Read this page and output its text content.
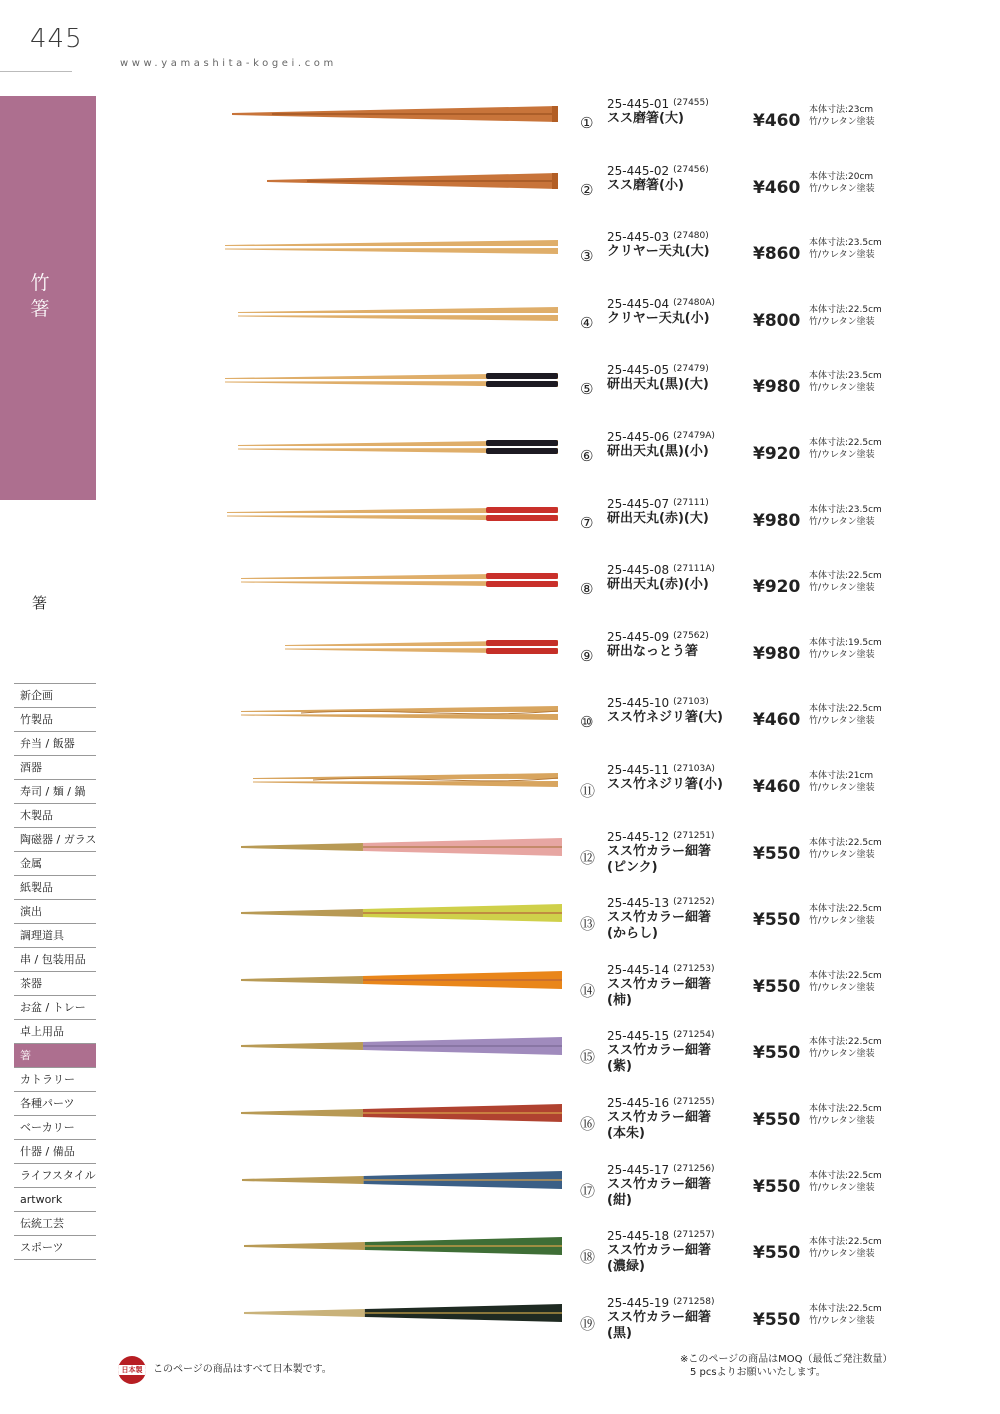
445
www.yamashita-kogei.com
竹箸
箸
新企画
竹製品
弁当 / 飯器
酒器
寿司 / 麺 / 鍋
木製品
陶磁器 / ガラス
金属
紙製品
演出
調理道具
串 / 包装用品
茶器
お盆 / トレー
卓上用品
箸
カトラリー
各種パーツ
ベーカリー
什器 / 備品
ライフスタイル
artwork
伝統工芸
スポーツ
①
25-445-01 $^{(27455)}$
スス磨箸(大)	¥460
本体寸法:23cm
竹/ウレタン塗装
②
25-445-02 $^{(27456)}$
スス磨箸(小)	¥460
本体寸法:20cm
竹/ウレタン塗装
③
25-445-03 $^{(27480)}$
クリヤー天丸(大)	¥860
本体寸法:23.5cm
竹/ウレタン塗装
④
25-445-04 $^{(27480A)}$
クリヤー天丸(小)	¥800
本体寸法:22.5cm
竹/ウレタン塗装
⑤
25-445-05 $^{(27479)}$
研出天丸(黒)(大)	¥980
本体寸法:23.5cm
竹/ウレタン塗装
⑥
25-445-06 $^{(27479A)}$
研出天丸(黒)(小)	¥920
本体寸法:22.5cm
竹/ウレタン塗装
⑦
25-445-07 $^{(27111)}$
研出天丸(赤)(大)	¥980
本体寸法:23.5cm
竹/ウレタン塗装
⑧
25-445-08 $^{(27111A)}$
研出天丸(赤)(小)	¥920
本体寸法:22.5cm
竹/ウレタン塗装
⑨
25-445-09 $^{(27562)}$
研出なっとう箸	¥980
本体寸法:19.5cm
竹/ウレタン塗装
⑩
25-445-10 $^{(27103)}$
スス竹ネジリ箸(大) ¥460
本体寸法:22.5cm
竹/ウレタン塗装
⑪
25-445-11 $^{(27103A)}$
スス竹ネジリ箸(小) ¥460
本体寸法:21cm
竹/ウレタン塗装
⑫
25-445-12 $^{(271251)}$
スス竹カラー細箸
(ピンク)
¥550
本体寸法:22.5cm
竹/ウレタン塗装
⑬
25-445-13 $^{(271252)}$
スス竹カラー細箸
(からし)
¥550
本体寸法:22.5cm
竹/ウレタン塗装
⑭
25-445-14 $^{(271253)}$
スス竹カラー細箸
(柿)
¥550
本体寸法:22.5cm
竹/ウレタン塗装
⑮
25-445-15 $^{(271254)}$
スス竹カラー細箸
(紫)
¥550
本体寸法:22.5cm
竹/ウレタン塗装
⑯
25-445-16 $^{(271255)}$
スス竹カラー細箸
(本朱)
¥550
本体寸法:22.5cm
竹/ウレタン塗装
⑰
25-445-17 $^{(271256)}$
スス竹カラー細箸
(紺)
¥550
本体寸法:22.5cm
竹/ウレタン塗装
⑱
25-445-18 $^{(271257)}$
スス竹カラー細箸
(濃緑)
¥550
本体寸法:22.5cm
竹/ウレタン塗装
⑲
25-445-19 $^{(271258)}$
スス竹カラー細箸
(黒)
¥550
本体寸法:22.5cm
竹/ウレタン塗装
日本製	このページの商品はすべて日本製です。
※このページの商品はMOQ（最低ご発注数量）
　5 pcsよりお願いいたします。
